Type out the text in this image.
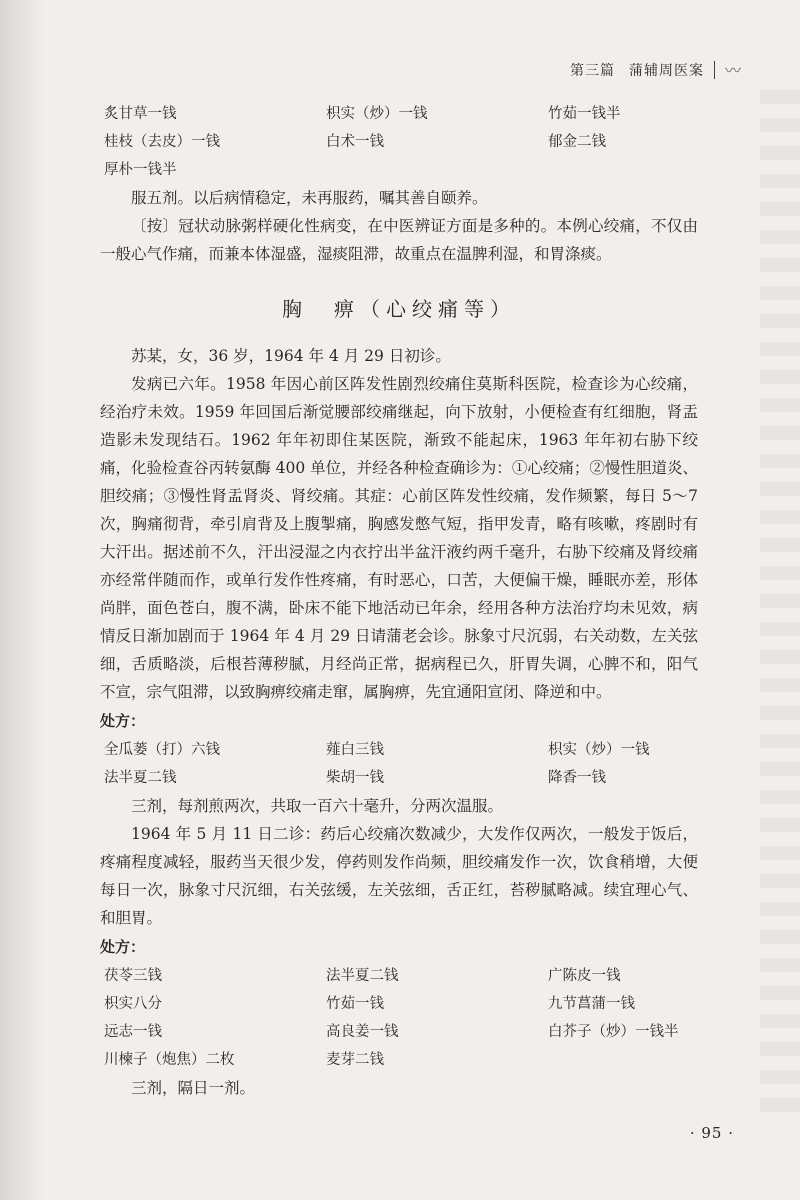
第三篇 蒲辅周医案 〰
炙甘草一钱	枳实（炒）一钱	竹茹一钱半
桂枝（去皮）一钱	白术一钱	郁金二钱
厚朴一钱半

服五剂。以后病情稳定，未再服药，嘱其善自颐养。

〔按〕冠状动脉粥样硬化性病变，在中医辨证方面是多种的。本例心绞痛，不仅由一般心气作痛，而兼本体湿盛，湿痰阻滞，故重点在温脾利湿，和胃涤痰。

胸　痹（心绞痛等）

苏某，女，36 岁，1964 年 4 月 29 日初诊。

发病已六年。1958 年因心前区阵发性剧烈绞痛住莫斯科医院，检查诊为心绞痛，经治疗未效。1959 年回国后渐觉腰部绞痛继起，向下放射，小便检查有红细胞，肾盂造影未发现结石。1962 年年初即住某医院，渐致不能起床，1963 年年初右胁下绞痛，化验检查谷丙转氨酶 400 单位，并经各种检查确诊为：①心绞痛；②慢性胆道炎、胆绞痛；③慢性肾盂肾炎、肾绞痛。其症：心前区阵发性绞痛，发作频繁，每日 5～7 次，胸痛彻背，牵引肩背及上腹掣痛，胸感发憋气短，指甲发青，略有咳嗽，疼剧时有大汗出。据述前不久，汗出浸湿之内衣拧出半盆汗液约两千毫升，右胁下绞痛及肾绞痛亦经常伴随而作，或单行发作性疼痛，有时恶心，口苦，大便偏干燥，睡眠亦差，形体尚胖，面色苍白，腹不满，卧床不能下地活动已年余，经用各种方法治疗均未见效，病情反日渐加剧而于 1964 年 4 月 29 日请蒲老会诊。脉象寸尺沉弱，右关动数，左关弦细，舌质略淡，后根苔薄秽腻，月经尚正常，据病程已久，肝胃失调，心脾不和，阳气不宣，宗气阻滞，以致胸痹绞痛走窜，属胸痹，先宜通阳宣闭、降逆和中。

处方：

全瓜蒌（打）六钱	薤白三钱	枳实（炒）一钱
法半夏二钱	柴胡一钱	降香一钱

三剂，每剂煎两次，共取一百六十毫升，分两次温服。

1964 年 5 月 11 日二诊：药后心绞痛次数减少，大发作仅两次，一般发于饭后，疼痛程度减轻，服药当天很少发，停药则发作尚频，胆绞痛发作一次，饮食稍增，大便每日一次，脉象寸尺沉细，右关弦缓，左关弦细，舌正红，苔秽腻略减。续宜理心气、和胆胃。

处方：

茯苓三钱	法半夏二钱	广陈皮一钱
枳实八分	竹茹一钱	九节菖蒲一钱
远志一钱	高良姜一钱	白芥子（炒）一钱半
川楝子（炮焦）二枚	麦芽二钱

三剂，隔日一剂。

· 95 ·
